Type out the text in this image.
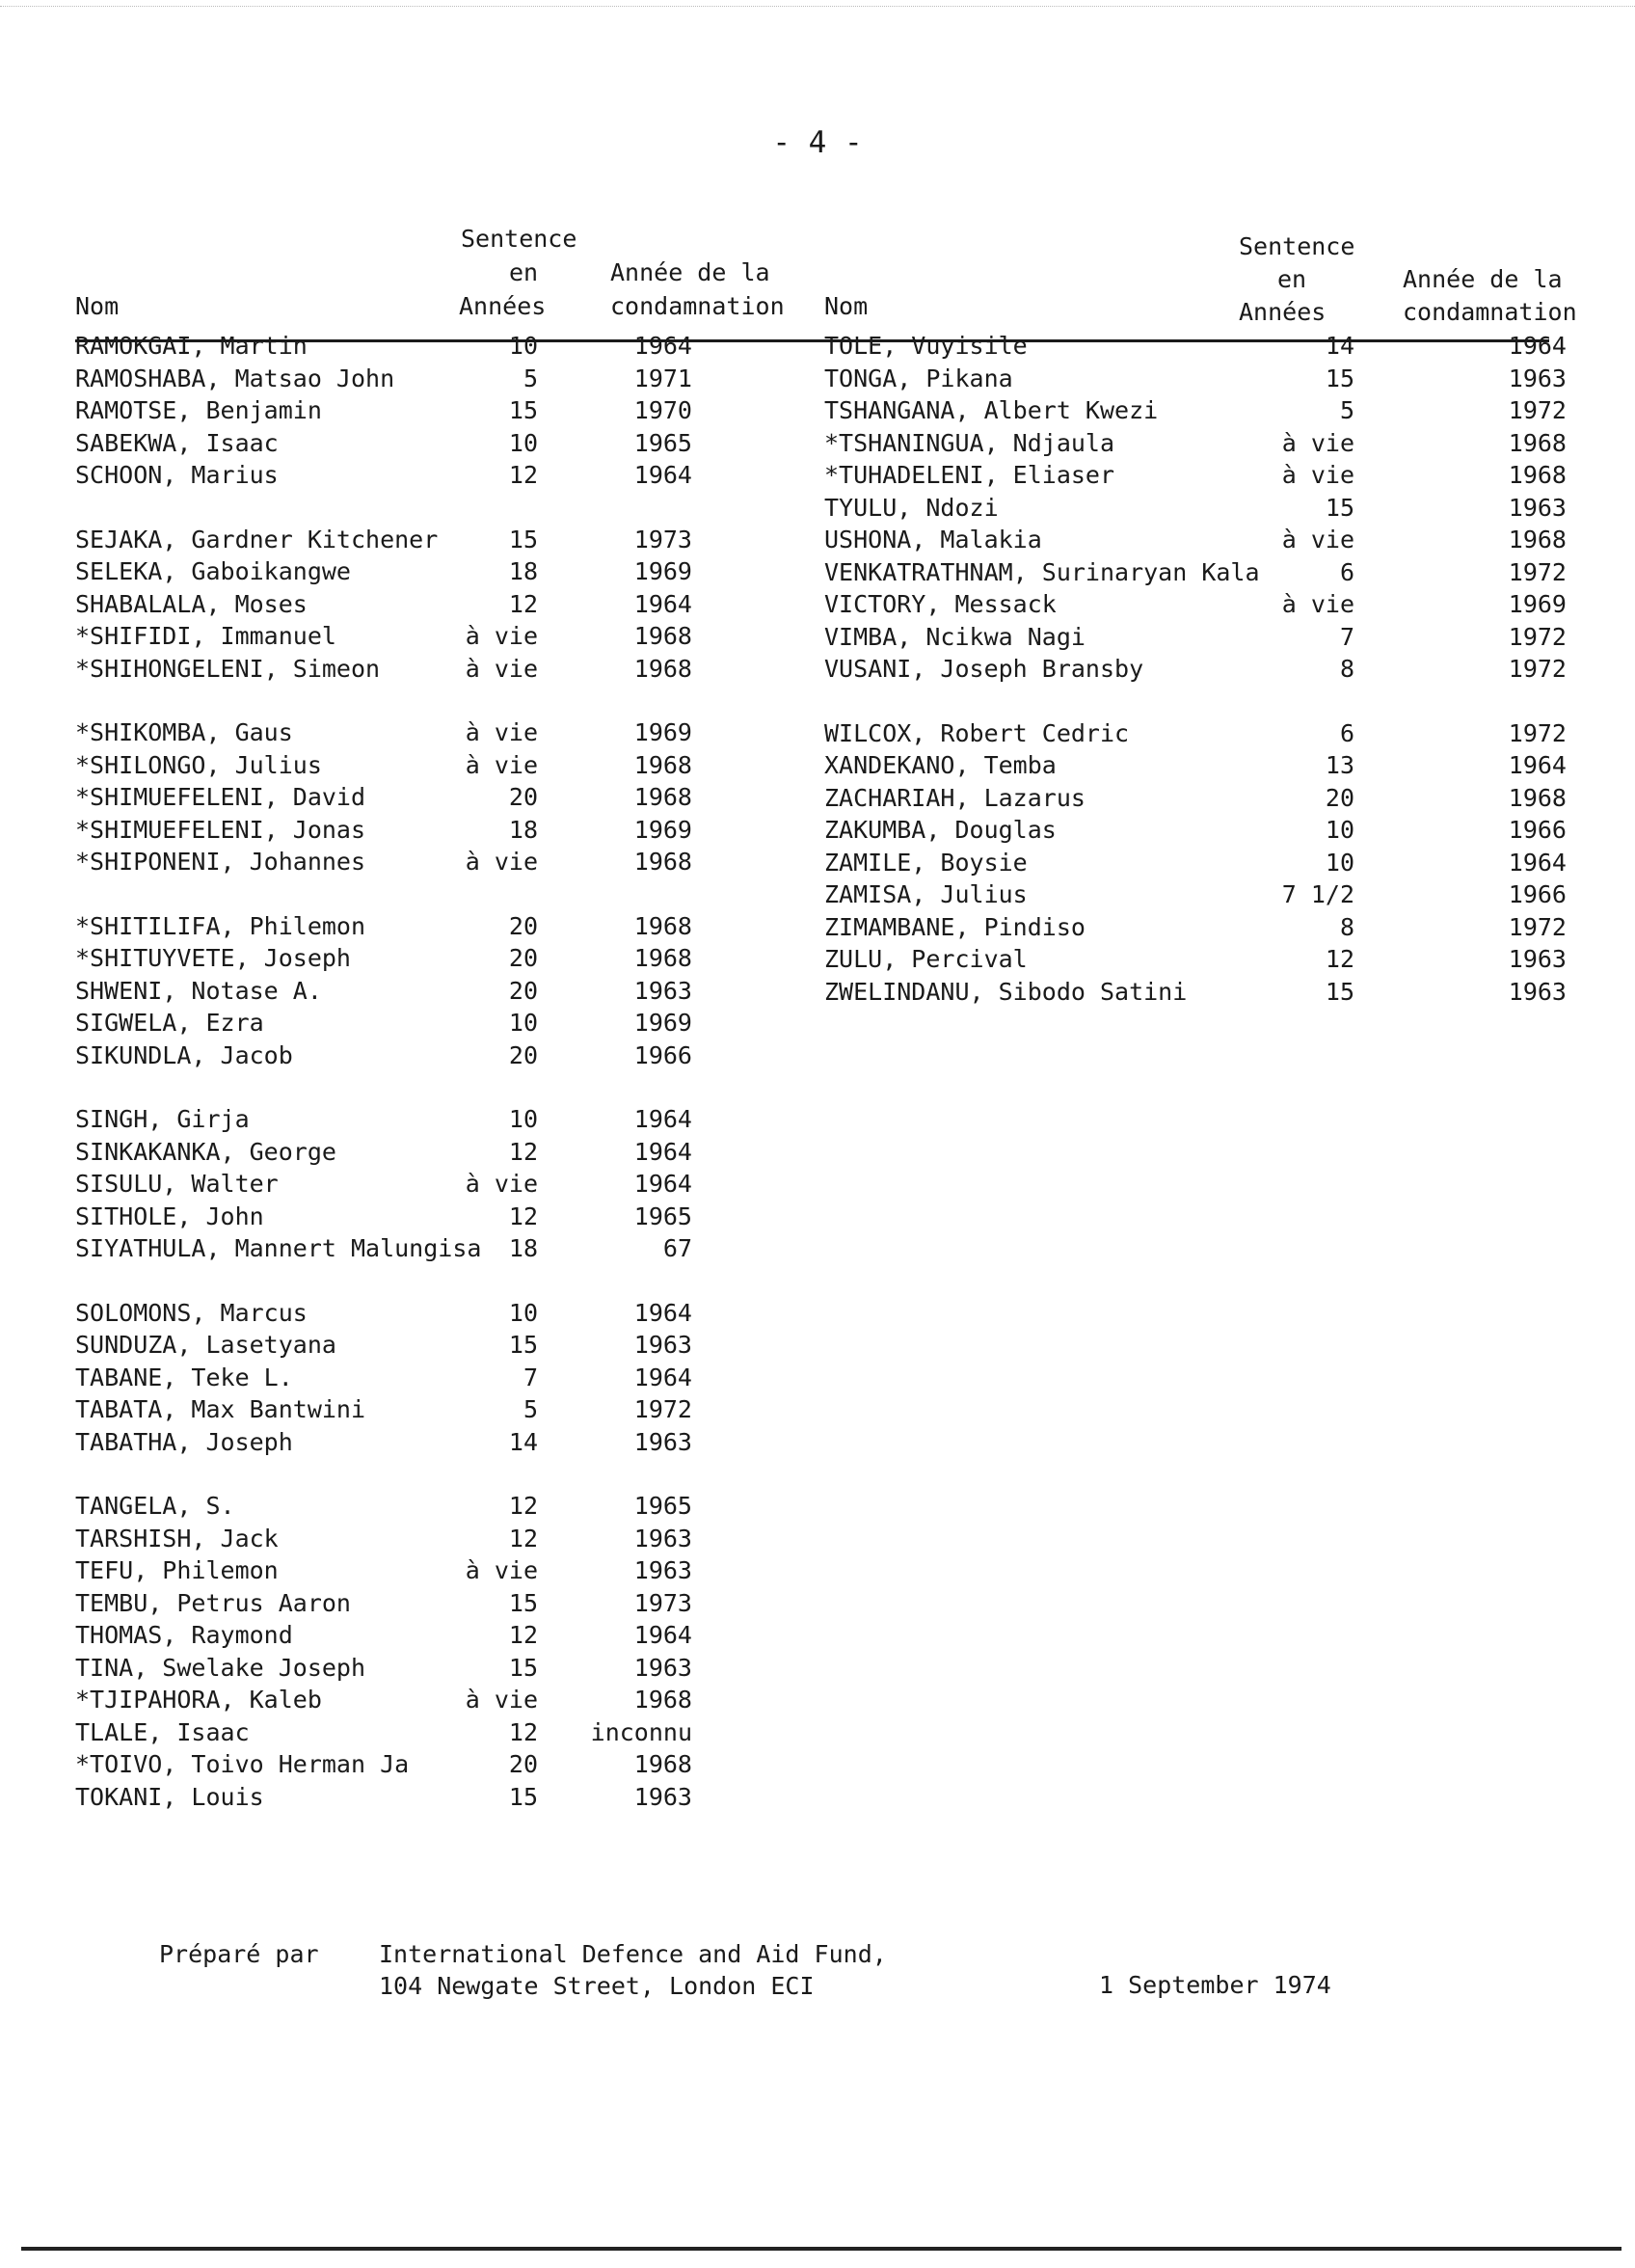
- 4 -
Nom
Sentence
en
Années
Année de la
condamnation
RAMOKGAI, Martin	10	1964
RAMOSHABA, Matsao John	5	1971
RAMOTSE, Benjamin	15	1970
SABEKWA, Isaac	10	1965
SCHOON, Marius	12	1964
SEJAKA, Gardner Kitchener	15	1973
SELEKA, Gaboikangwe	18	1969
SHABALALA, Moses	12	1964
*SHIFIDI, Immanuel	à vie	1968
*SHIHONGELENI, Simeon	à vie	1968
*SHIKOMBA, Gaus	à vie	1969
*SHILONGO, Julius	à vie	1968
*SHIMUEFELENI, David	20	1968
*SHIMUEFELENI, Jonas	18	1969
*SHIPONENI, Johannes	à vie	1968
*SHITILIFA, Philemon	20	1968
*SHITUYVETE, Joseph	20	1968
SHWENI, Notase A.	20	1963
SIGWELA, Ezra	10	1969
SIKUNDLA, Jacob	20	1966
SINGH, Girja	10	1964
SINKAKANKA, George	12	1964
SISULU, Walter	à vie	1964
SITHOLE, John	12	1965
SIYATHULA, Mannert Malungisa	18	67
SOLOMONS, Marcus	10	1964
SUNDUZA, Lasetyana	15	1963
TABANE, Teke L.	7	1964
TABATA, Max Bantwini	5	1972
TABATHA, Joseph	14	1963
TANGELA, S.	12	1965
TARSHISH, Jack	12	1963
TEFU, Philemon	à vie	1963
TEMBU, Petrus Aaron	15	1973
THOMAS, Raymond	12	1964
TINA, Swelake Joseph	15	1963
*TJIPAHORA, Kaleb	à vie	1968
TLALE, Isaac	12	inconnu
*TOIVO, Toivo Herman Ja	20	1968
TOKANI, Louis	15	1963
Nom
Sentence
en
Années
Année de la
condamnation
TOLE, Vuyisile	14	1964
TONGA, Pikana	15	1963
TSHANGANA, Albert Kwezi	5	1972
*TSHANINGUA, Ndjaula	à vie	1968
*TUHADELENI, Eliaser	à vie	1968
TYULU, Ndozi	15	1963
USHONA, Malakia	à vie	1968
VENKATRATHNAM, Surinaryan Kala	6	1972
VICTORY, Messack	à vie	1969
VIMBA, Ncikwa Nagi	7	1972
VUSANI, Joseph Bransby	8	1972
WILCOX, Robert Cedric	6	1972
XANDEKANO, Temba	13	1964
ZACHARIAH, Lazarus	20	1968
ZAKUMBA, Douglas	10	1966
ZAMILE, Boysie	10	1964
ZAMISA, Julius	7 1/2	1966
ZIMAMBANE, Pindiso	8	1972
ZULU, Percival	12	1963
ZWELINDANU, Sibodo Satini	15	1963
Préparé par International Defence and Aid Fund,
104 Newgate Street, London ECI	1 September 1974
